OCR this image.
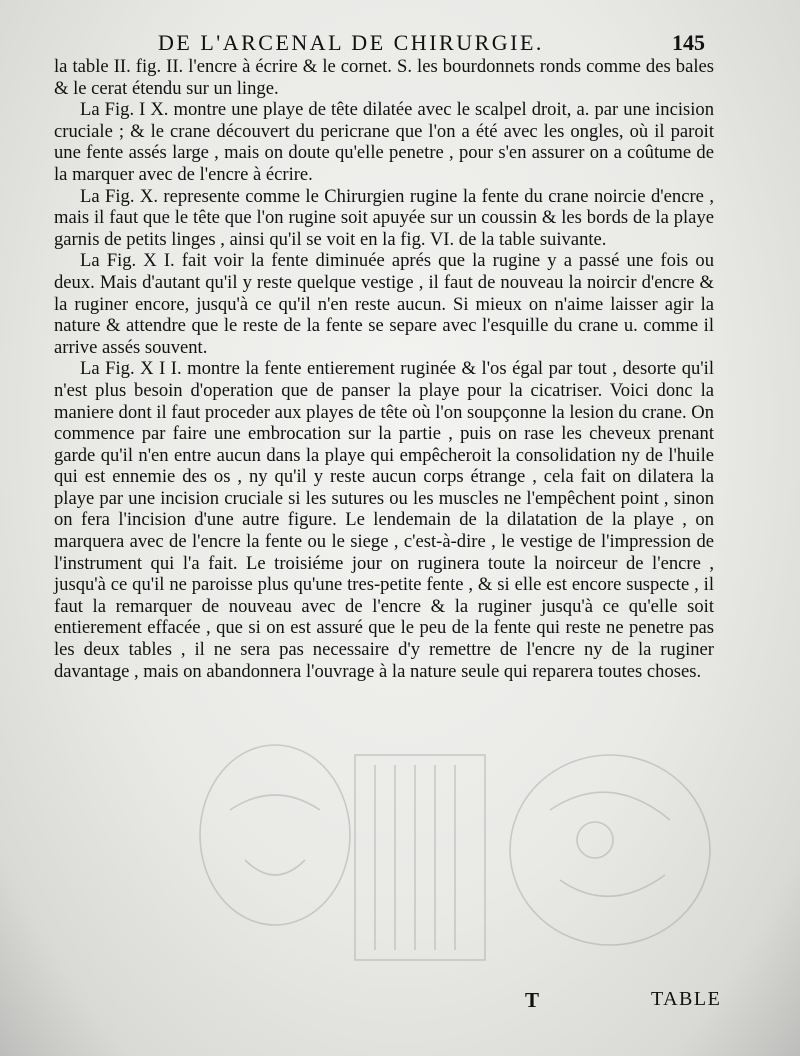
DE L'ARCENAL DE CHIRURGIE.	145

la table II. fig. II. l'encre à écrire & le cornet. S. les bourdonnets ronds comme des bales & le cerat étendu sur un linge.

La Fig. I X. montre une playe de tête dilatée avec le scalpel droit, a. par une incision cruciale ; & le crane découvert du pericrane que l'on a été avec les ongles, où il paroit une fente assés large , mais on doute qu'elle penetre , pour s'en assurer on a coûtume de la marquer avec de l'encre à écrire.

La Fig. X. represente comme le Chirurgien rugine la fente du crane noircie d'encre , mais il faut que le tête que l'on rugine soit apuyée sur un coussin & les bords de la playe garnis de petits linges , ainsi qu'il se voit en la fig. VI. de la table suivante.

La Fig. X I. fait voir la fente diminuée aprés que la rugine y a passé une fois ou deux. Mais d'autant qu'il y reste quelque vestige , il faut de nouveau la noircir d'encre & la ruginer encore, jusqu'à ce qu'il n'en reste aucun. Si mieux on n'aime laisser agir la nature & attendre que le reste de la fente se separe avec l'esquille du crane u. comme il arrive assés souvent.

La Fig. X I I. montre la fente entierement ruginée & l'os égal par tout , desorte qu'il n'est plus besoin d'operation que de panser la playe pour la cicatriser. Voici donc la maniere dont il faut proceder aux playes de tête où l'on soupçonne la lesion du crane. On commence par faire une embrocation sur la partie , puis on rase les cheveux prenant garde qu'il n'en entre aucun dans la playe qui empêcheroit la consolidation ny de l'huile qui est ennemie des os , ny qu'il y reste aucun corps étrange , cela fait on dilatera la playe par une incision cruciale si les sutures ou les muscles ne l'empêchent point , sinon on fera l'incision d'une autre figure. Le lendemain de la dilatation de la playe , on marquera avec de l'encre la fente ou le siege , c'est-à-dire , le vestige de l'impression de l'instrument qui l'a fait. Le troisiéme jour on ruginera toute la noirceur de l'encre , jusqu'à ce qu'il ne paroisse plus qu'une tres-petite fente , & si elle est encore suspecte , il faut la remarquer de nouveau avec de l'encre & la ruginer jusqu'à ce qu'elle soit entierement effacée , que si on est assuré que le peu de la fente qui reste ne penetre pas les deux tables , il ne sera pas necessaire d'y remettre de l'encre ny de la ruginer davantage , mais on abandonnera l'ouvrage à la nature seule qui reparera toutes choses.

T	TABLE
